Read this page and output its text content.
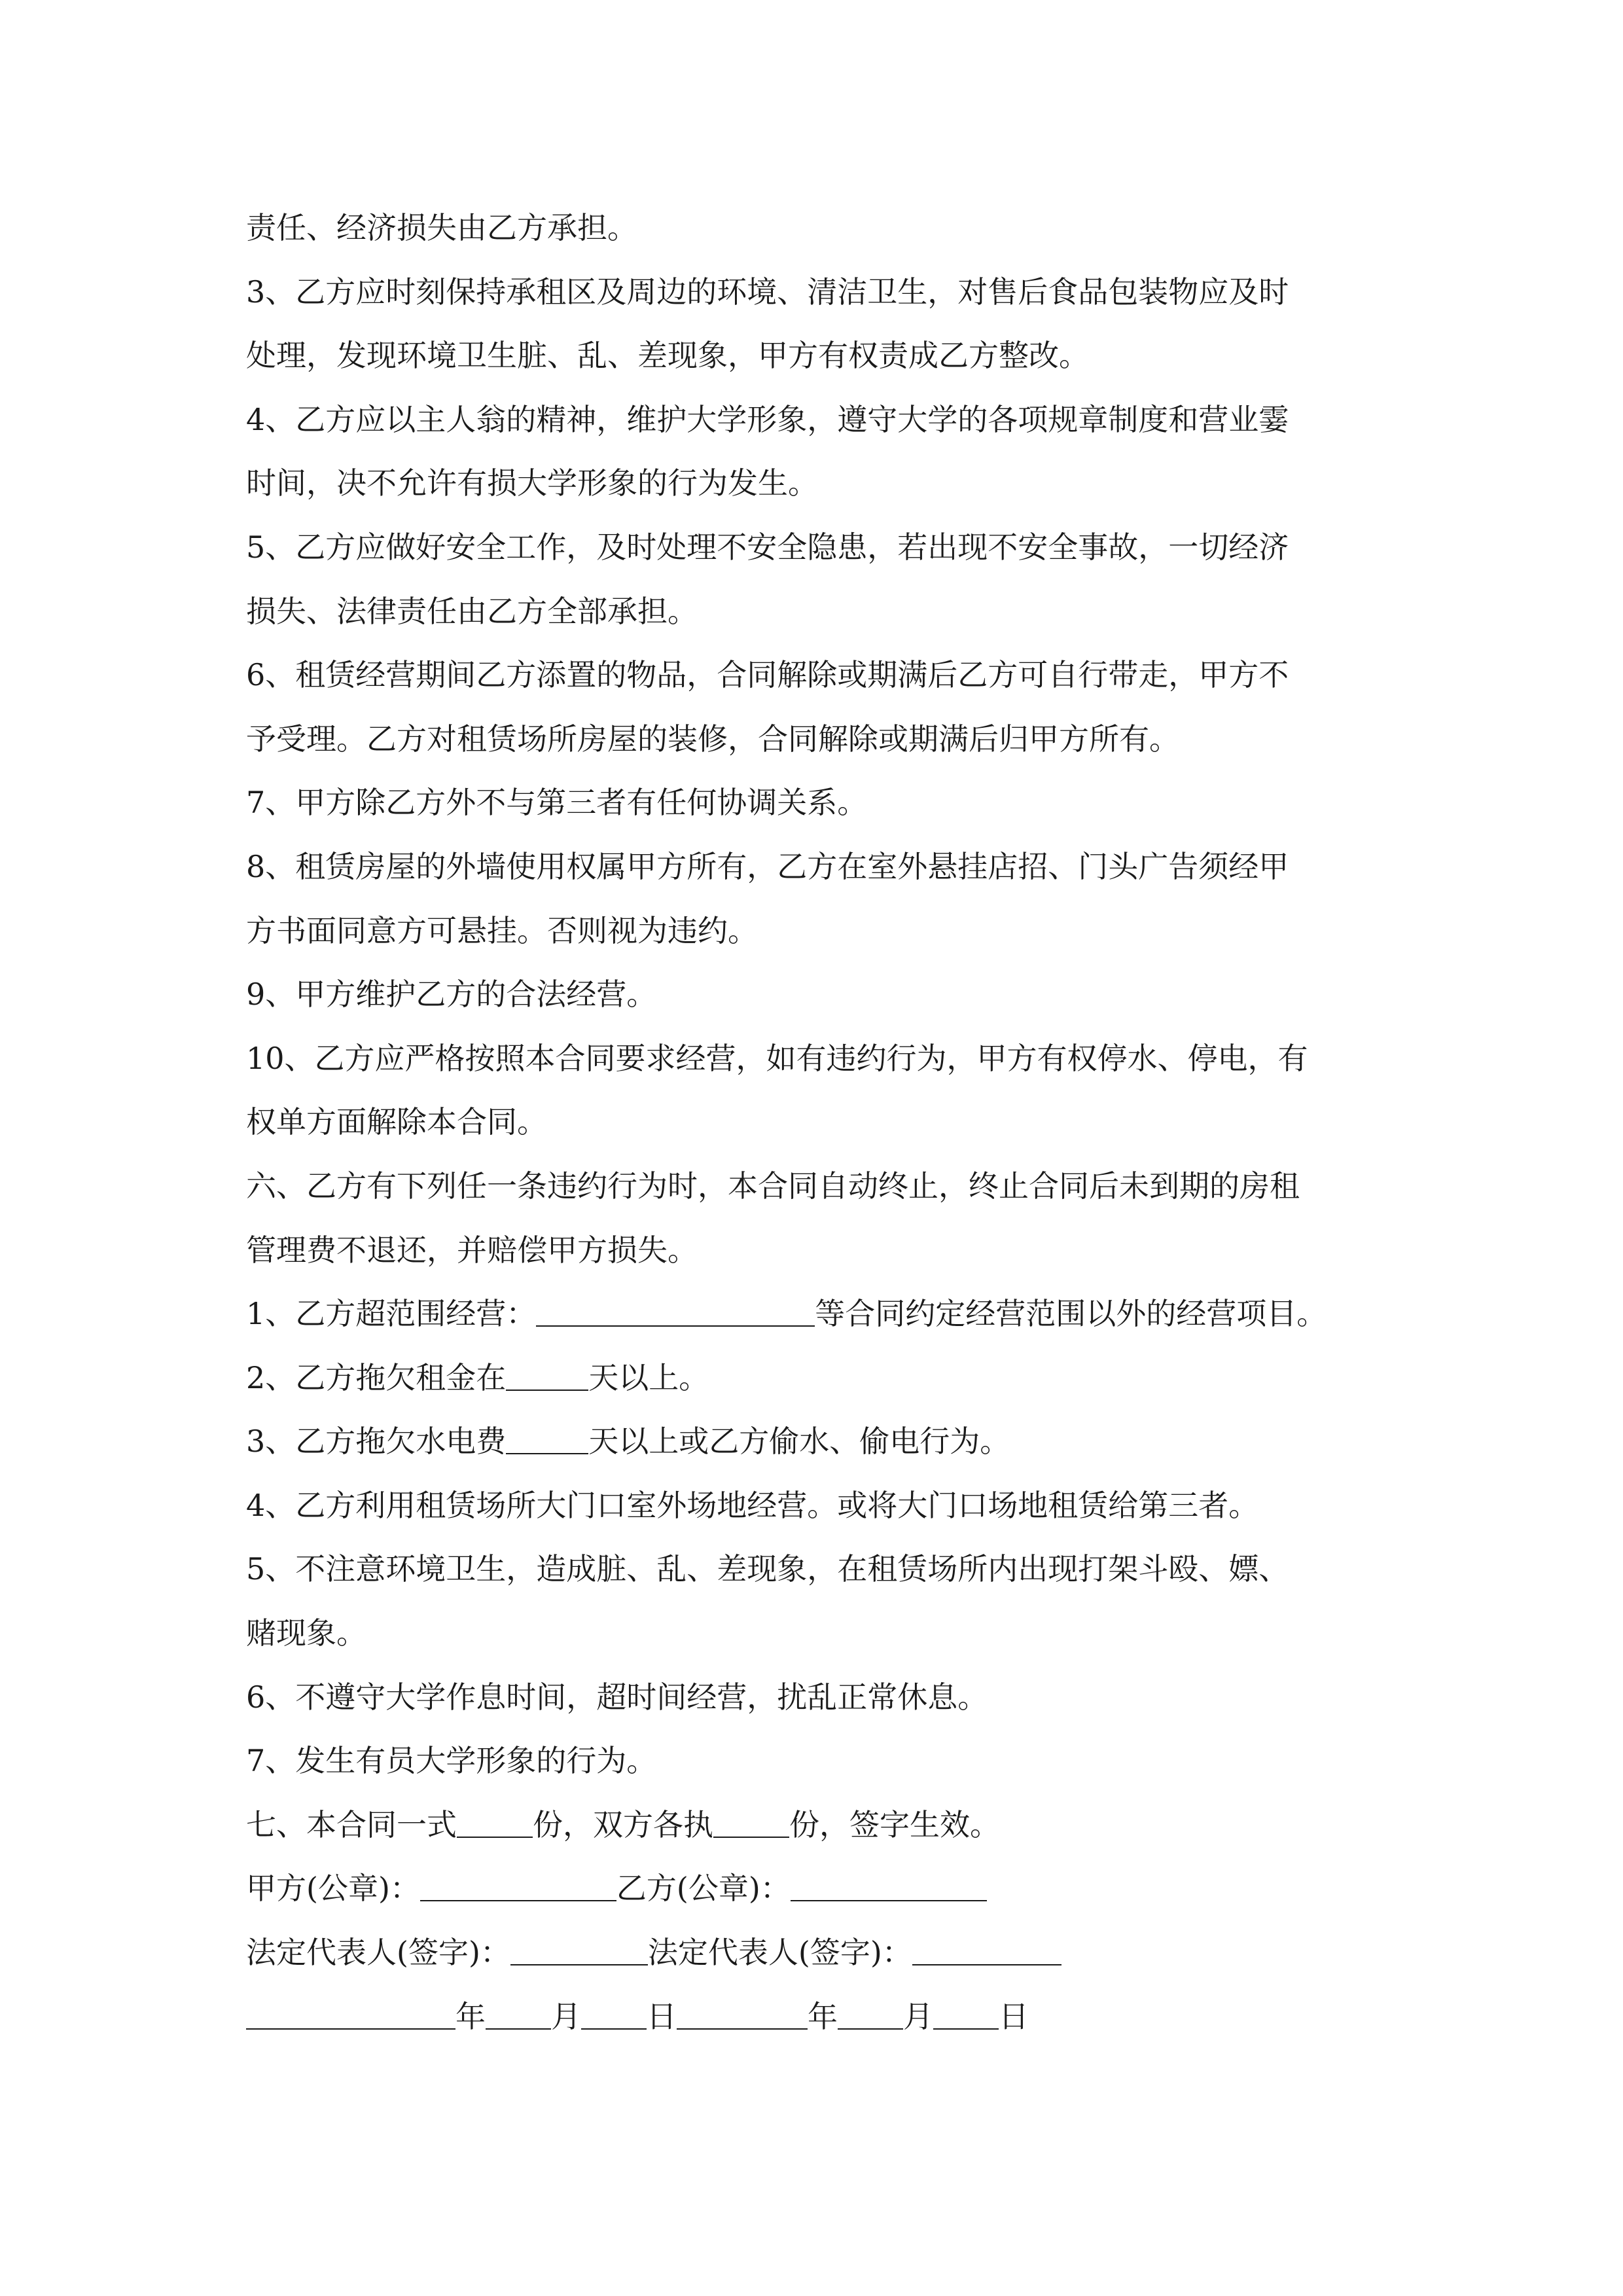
责任、经济损失由乙方承担。
3、乙方应时刻保持承租区及周边的环境、清洁卫生，对售后食品包装物应及时
处理，发现环境卫生脏、乱、差现象，甲方有权责成乙方整改。
4、乙方应以主人翁的精神，维护大学形象，遵守大学的各项规章制度和营业霎
时间，决不允许有损大学形象的行为发生。
5、乙方应做好安全工作，及时处理不安全隐患，若出现不安全事故，一切经济
损失、法律责任由乙方全部承担。
6、租赁经营期间乙方添置的物品，合同解除或期满后乙方可自行带走，甲方不
予受理。乙方对租赁场所房屋的装修，合同解除或期满后归甲方所有。
7、甲方除乙方外不与第三者有任何协调关系。
8、租赁房屋的外墙使用权属甲方所有，乙方在室外悬挂店招、门头广告须经甲
方书面同意方可悬挂。否则视为违约。
9、甲方维护乙方的合法经营。
10、乙方应严格按照本合同要求经营，如有违约行为，甲方有权停水、停电，有
权单方面解除本合同。
六、乙方有下列任一条违约行为时，本合同自动终止，终止合同后未到期的房租
管理费不退还，并赔偿甲方损失。
1、乙方超范围经营：	等合同约定经营范围以外的经营项目。
2、乙方拖欠租金在	天以上。
3、乙方拖欠水电费	天以上或乙方偷水、偷电行为。
4、乙方利用租赁场所大门口室外场地经营。或将大门口场地租赁给第三者。
5、不注意环境卫生，造成脏、乱、差现象，在租赁场所内出现打架斗殴、嫖、
赌现象。
6、不遵守大学作息时间，超时间经营，扰乱正常休息。
7、发生有员大学形象的行为。
七、本合同一式	份，双方各执	份，签字生效。
甲方(公章)：	乙方(公章)：
法定代表人(签字)：	法定代表人(签字)：
年 月 日	年 月 日
